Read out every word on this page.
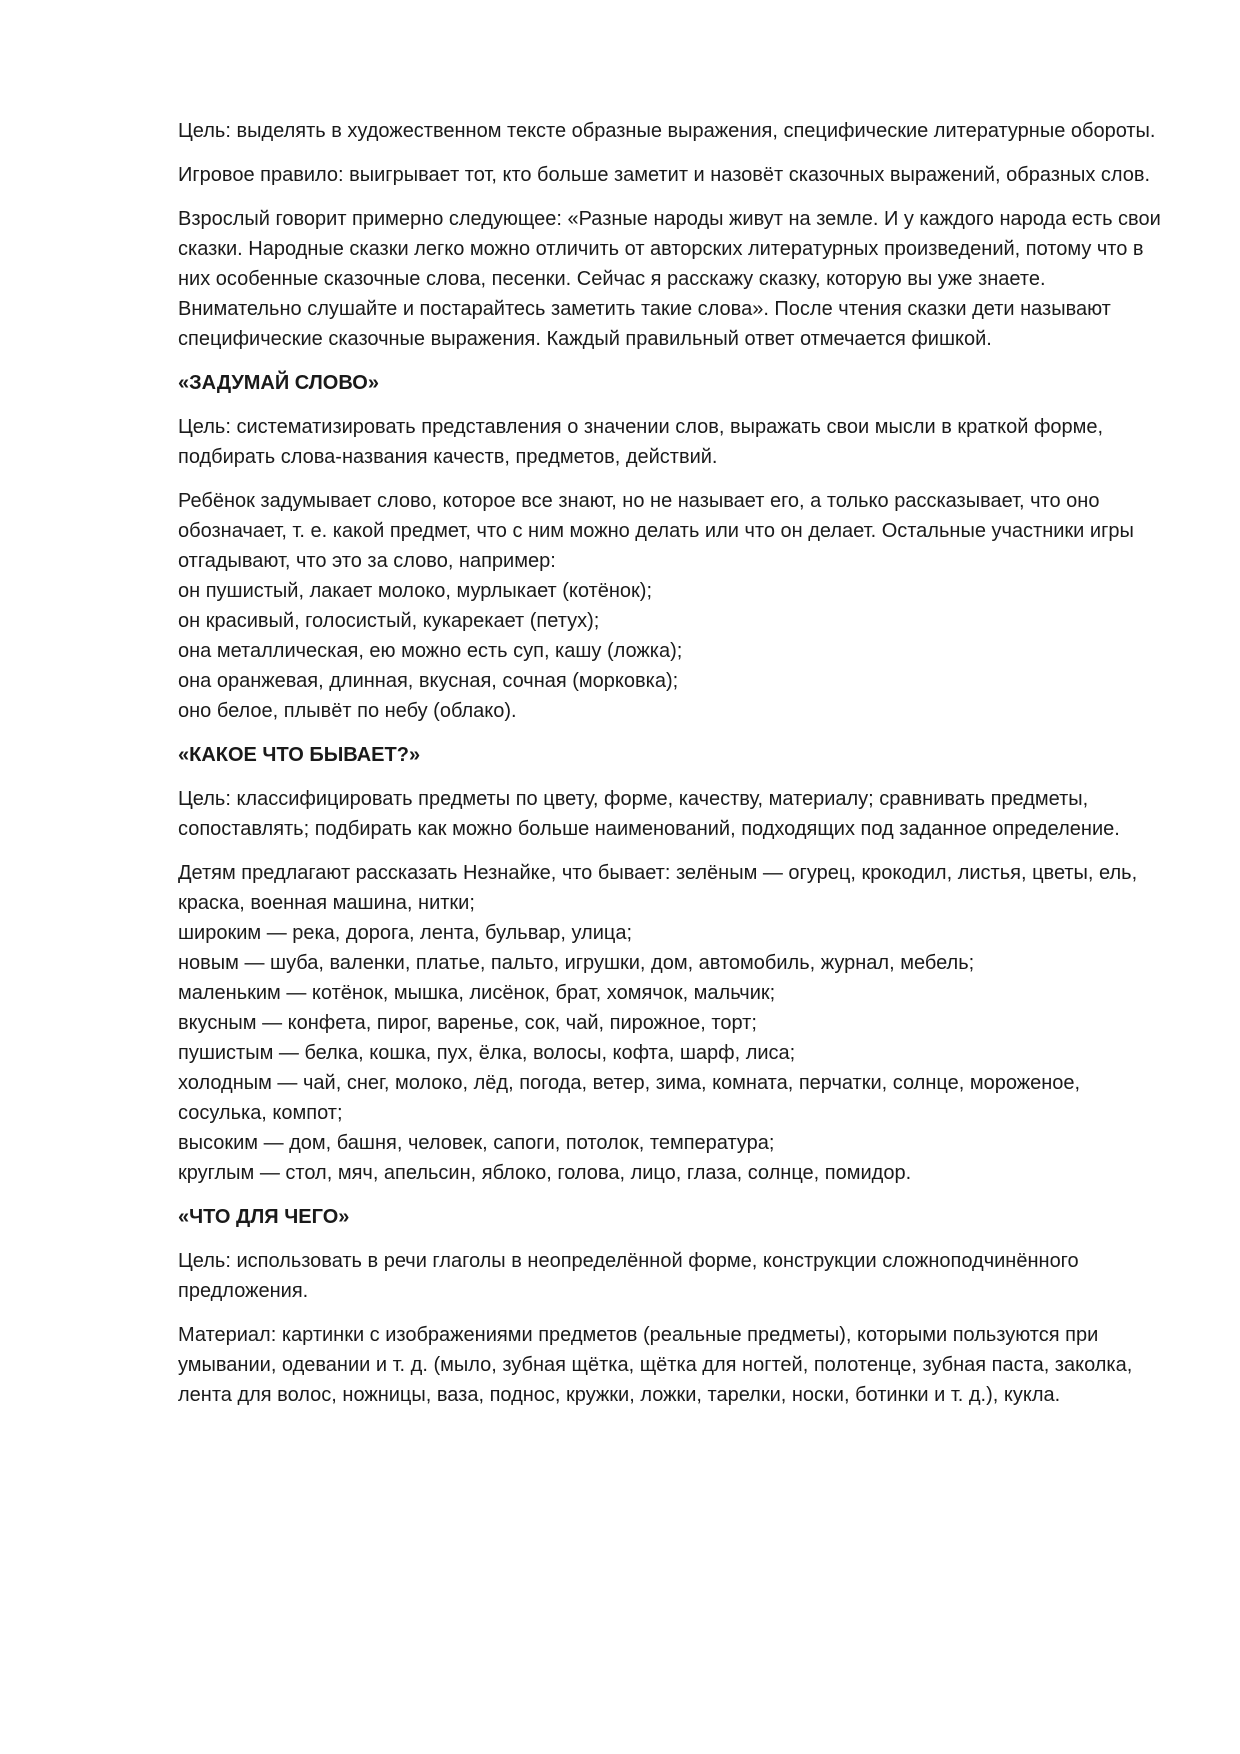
Цель: выделять в художественном тексте образные выражения, специфические литературные обороты.

Игровое правило: выигрывает тот, кто больше заметит и назовёт сказочных выражений, образных слов.

Взрослый говорит примерно следующее: «Разные народы живут на земле. И у каждого народа есть свои сказки. Народные сказки легко можно отличить от авторских литературных произведений, потому что в них особенные сказочные слова, песенки. Сейчас я расскажу сказку, которую вы уже знаете. Внимательно слушайте и постарайтесь заметить такие слова». После чтения сказки дети называют специфические сказочные выражения. Каждый правильный ответ отмечается фишкой.

«ЗАДУМАЙ СЛОВО»

Цель: систематизировать представления о значении слов, выражать свои мысли в краткой форме, подбирать слова-названия качеств, предметов, действий.

Ребёнок задумывает слово, которое все знают, но не называет его, а только рассказывает, что оно обозначает, т. е. какой предмет, что с ним можно делать или что он делает. Остальные участники игры отгадывают, что это за слово, например:
он пушистый, лакает молоко, мурлыкает (котёнок);
он красивый, голосистый, кукарекает (петух);
она металлическая, ею можно есть суп, кашу (ложка);
она оранжевая, длинная, вкусная, сочная (морковка);
оно белое, плывёт по небу (облако).
«КАКОЕ ЧТО БЫВАЕТ?»

Цель: классифицировать предметы по цвету, форме, качеству, материалу; сравнивать предметы, сопоставлять; подбирать как можно больше наименований, подходящих под заданное определение.

Детям предлагают рассказать Незнайке, что бывает: зелёным — огурец, крокодил, листья, цветы, ель, краска, военная машина, нитки;
широким — река, дорога, лента, бульвар, улица;
новым — шуба, валенки, платье, пальто, игрушки, дом, автомобиль, журнал, мебель;
маленьким — котёнок, мышка, лисёнок, брат, хомячок, мальчик;
вкусным — конфета, пирог, варенье, сок, чай, пирожное, торт;
пушистым — белка, кошка, пух, ёлка, волосы, кофта, шарф, лиса;
холодным — чай, снег, молоко, лёд, погода, ветер, зима, комната, перчатки, солнце, мороженое, сосулька, компот;
высоким — дом, башня, человек, сапоги, потолок, температура;
круглым — стол, мяч, апельсин, яблоко, голова, лицо, глаза, солнце, помидор.
«ЧТО ДЛЯ ЧЕГО»

Цель: использовать в речи глаголы в неопределённой форме, конструкции сложноподчинённого предложения.

Материал: картинки с изображениями предметов (реальные предметы), которыми пользуются при умывании, одевании и т. д. (мыло, зубная щётка, щётка для ногтей, полотенце, зубная паста, заколка, лента для волос, ножницы, ваза, поднос, кружки, ложки, тарелки, носки, ботинки и т. д.), кукла.
